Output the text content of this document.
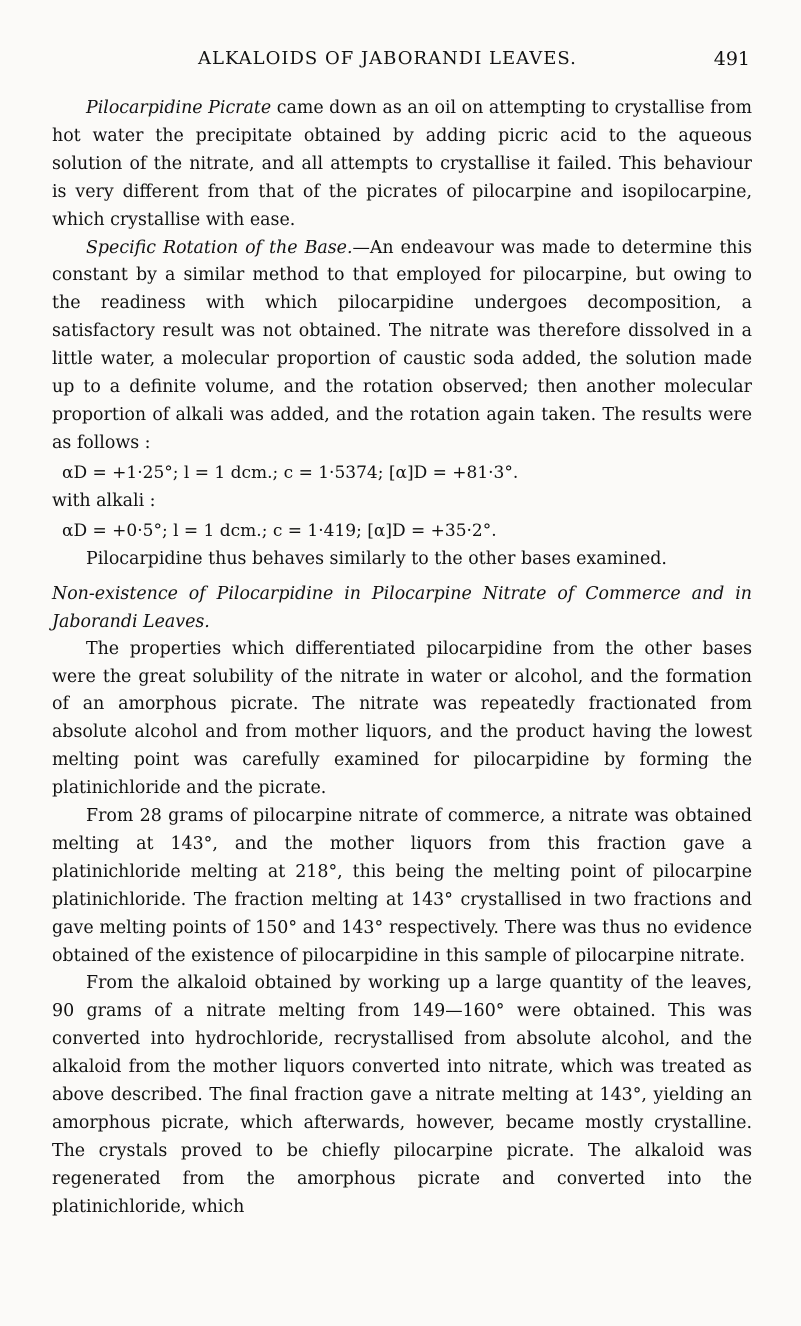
ALKALOIDS OF JABORANDI LEAVES.	491

Pilocarpidine Picrate came down as an oil on attempting to crystallise from hot water the precipitate obtained by adding picric acid to the aqueous solution of the nitrate, and all attempts to crystallise it failed. This behaviour is very different from that of the picrates of pilocarpine and isopilocarpine, which crystallise with ease.

Specific Rotation of the Base.—An endeavour was made to determine this constant by a similar method to that employed for pilocarpine, but owing to the readiness with which pilocarpidine undergoes decomposition, a satisfactory result was not obtained. The nitrate was therefore dissolved in a little water, a molecular proportion of caustic soda added, the solution made up to a definite volume, and the rotation observed; then another molecular proportion of alkali was added, and the rotation again taken. The results were as follows :

αD = +1·25°; l = 1 dcm.; c = 1·5374; [α]D = +81·3°.

with alkali :

αD = +0·5°; l = 1 dcm.; c = 1·419; [α]D = +35·2°.

Pilocarpidine thus behaves similarly to the other bases examined.

Non-existence of Pilocarpidine in Pilocarpine Nitrate of Commerce and in Jaborandi Leaves.

The properties which differentiated pilocarpidine from the other bases were the great solubility of the nitrate in water or alcohol, and the formation of an amorphous picrate. The nitrate was repeatedly fractionated from absolute alcohol and from mother liquors, and the product having the lowest melting point was carefully examined for pilocarpidine by forming the platinichloride and the picrate.

From 28 grams of pilocarpine nitrate of commerce, a nitrate was obtained melting at 143°, and the mother liquors from this fraction gave a platinichloride melting at 218°, this being the melting point of pilocarpine platinichloride. The fraction melting at 143° crystallised in two fractions and gave melting points of 150° and 143° respectively. There was thus no evidence obtained of the existence of pilocarpidine in this sample of pilocarpine nitrate.

From the alkaloid obtained by working up a large quantity of the leaves, 90 grams of a nitrate melting from 149—160° were obtained. This was converted into hydrochloride, recrystallised from absolute alcohol, and the alkaloid from the mother liquors converted into nitrate, which was treated as above described. The final fraction gave a nitrate melting at 143°, yielding an amorphous picrate, which afterwards, however, became mostly crystalline. The crystals proved to be chiefly pilocarpine picrate. The alkaloid was regenerated from the amorphous picrate and converted into the platinichloride, which
